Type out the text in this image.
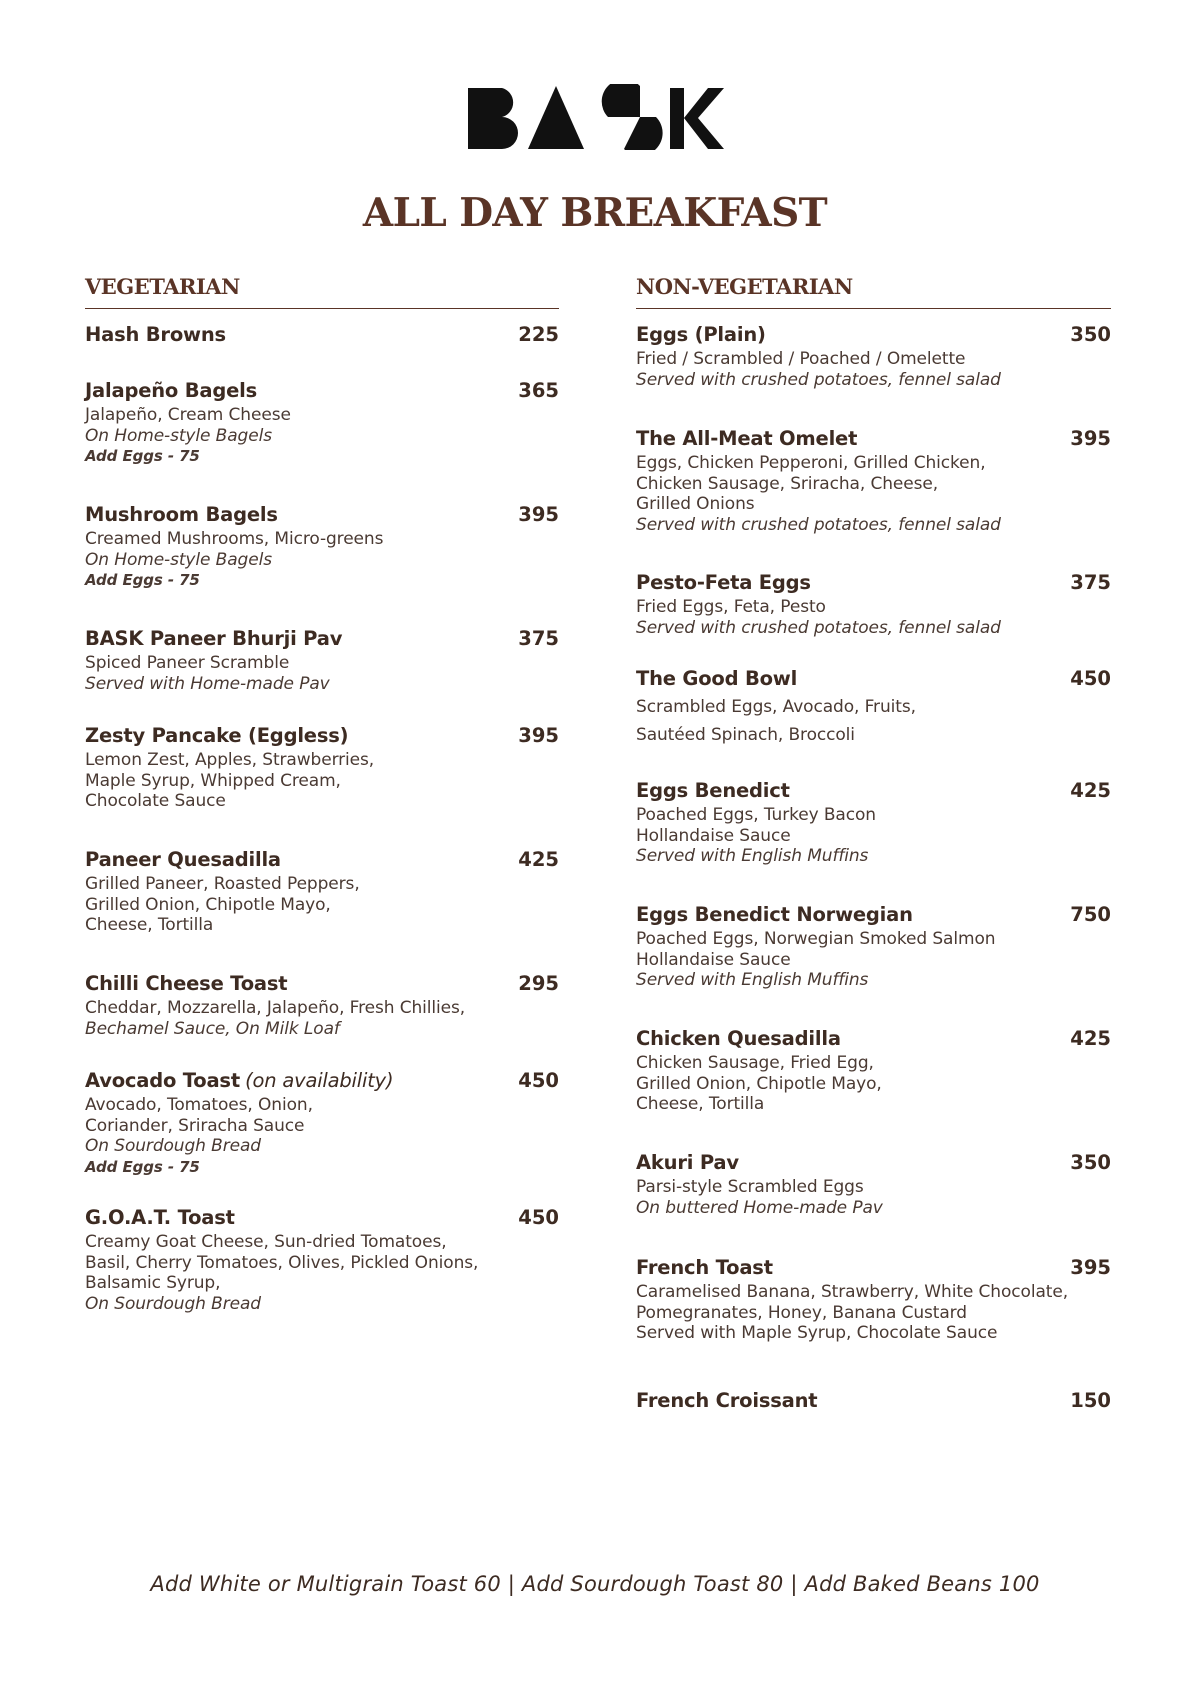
ALL DAY BREAKFAST
VEGETARIAN
Hash Browns	225
Jalapeño Bagels	365
Jalapeño, Cream Cheese
On Home-style Bagels
Add Eggs - 75
Mushroom Bagels	395
Creamed Mushrooms, Micro-greens
On Home-style Bagels
Add Eggs - 75
BASK Paneer Bhurji Pav	375
Spiced Paneer Scramble
Served with Home-made Pav
Zesty Pancake (Eggless)	395
Lemon Zest, Apples, Strawberries,
Maple Syrup, Whipped Cream,
Chocolate Sauce
Paneer Quesadilla	425
Grilled Paneer, Roasted Peppers,
Grilled Onion, Chipotle Mayo,
Cheese, Tortilla
Chilli Cheese Toast	295
Cheddar, Mozzarella, Jalapeño, Fresh Chillies,
Bechamel Sauce, On Milk Loaf
Avocado Toast (on availability)	450
Avocado, Tomatoes, Onion,
Coriander, Sriracha Sauce
On Sourdough Bread
Add Eggs - 75
G.O.A.T. Toast	450
Creamy Goat Cheese, Sun-dried Tomatoes,
Basil, Cherry Tomatoes, Olives, Pickled Onions,
Balsamic Syrup,
On Sourdough Bread
NON-VEGETARIAN
Eggs (Plain)	350
Fried / Scrambled / Poached / Omelette
Served with crushed potatoes, fennel salad
The All-Meat Omelet	395
Eggs, Chicken Pepperoni, Grilled Chicken,
Chicken Sausage, Sriracha, Cheese,
Grilled Onions
Served with crushed potatoes, fennel salad
Pesto-Feta Eggs	375
Fried Eggs, Feta, Pesto
Served with crushed potatoes, fennel salad
The Good Bowl	450
Scrambled Eggs, Avocado, Fruits,
Sautéed Spinach, Broccoli
Eggs Benedict	425
Poached Eggs, Turkey Bacon
Hollandaise Sauce
Served with English Muffins
Eggs Benedict Norwegian	750
Poached Eggs, Norwegian Smoked Salmon
Hollandaise Sauce
Served with English Muffins
Chicken Quesadilla	425
Chicken Sausage, Fried Egg,
Grilled Onion, Chipotle Mayo,
Cheese, Tortilla
Akuri Pav	350
Parsi-style Scrambled Eggs
On buttered Home-made Pav
French Toast	395
Caramelised Banana, Strawberry, White Chocolate,
Pomegranates, Honey, Banana Custard
Served with Maple Syrup, Chocolate Sauce
French Croissant	150
Add White or Multigrain Toast 60 | Add Sourdough Toast 80 | Add Baked Beans 100
